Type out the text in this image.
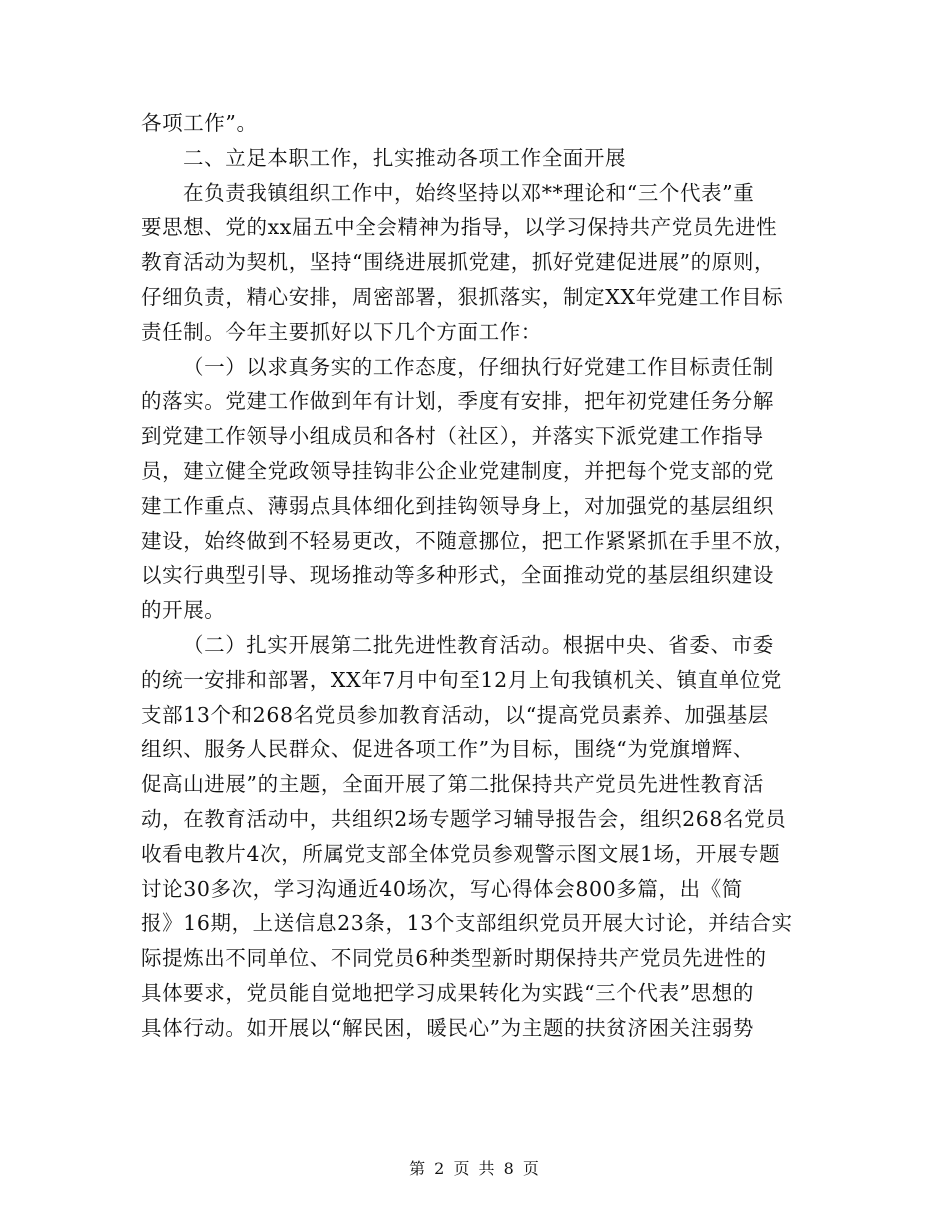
各项工作”。
二、立足本职工作，扎实推动各项工作全面开展
在负责我镇组织工作中，始终坚持以邓**理论和“三个代表”重
要思想、党的xx届五中全会精神为指导，以学习保持共产党员先进性
教育活动为契机，坚持“围绕进展抓党建，抓好党建促进展”的原则，
仔细负责，精心安排，周密部署，狠抓落实，制定XX年党建工作目标
责任制。今年主要抓好以下几个方面工作：
（一）以求真务实的工作态度，仔细执行好党建工作目标责任制
的落实。党建工作做到年有计划，季度有安排，把年初党建任务分解
到党建工作领导小组成员和各村（社区），并落实下派党建工作指导
员，建立健全党政领导挂钩非公企业党建制度，并把每个党支部的党
建工作重点、薄弱点具体细化到挂钩领导身上，对加强党的基层组织
建设，始终做到不轻易更改，不随意挪位，把工作紧紧抓在手里不放，
以实行典型引导、现场推动等多种形式，全面推动党的基层组织建设
的开展。
（二）扎实开展第二批先进性教育活动。根据中央、省委、市委
的统一安排和部署，XX年7月中旬至12月上旬我镇机关、镇直单位党
支部13个和268名党员参加教育活动，以“提高党员素养、加强基层
组织、服务人民群众、促进各项工作”为目标，围绕“为党旗增辉、
促高山进展”的主题，全面开展了第二批保持共产党员先进性教育活
动，在教育活动中，共组织2场专题学习辅导报告会，组织268名党员
收看电教片4次，所属党支部全体党员参观警示图文展1场，开展专题
讨论30多次，学习沟通近40场次，写心得体会800多篇，出《简
报》16期，上送信息23条，13个支部组织党员开展大讨论，并结合实
际提炼出不同单位、不同党员6种类型新时期保持共产党员先进性的
具体要求，党员能自觉地把学习成果转化为实践“三个代表”思想的
具体行动。如开展以“解民困，暖民心”为主题的扶贫济困关注弱势
第 2 页 共 8 页
